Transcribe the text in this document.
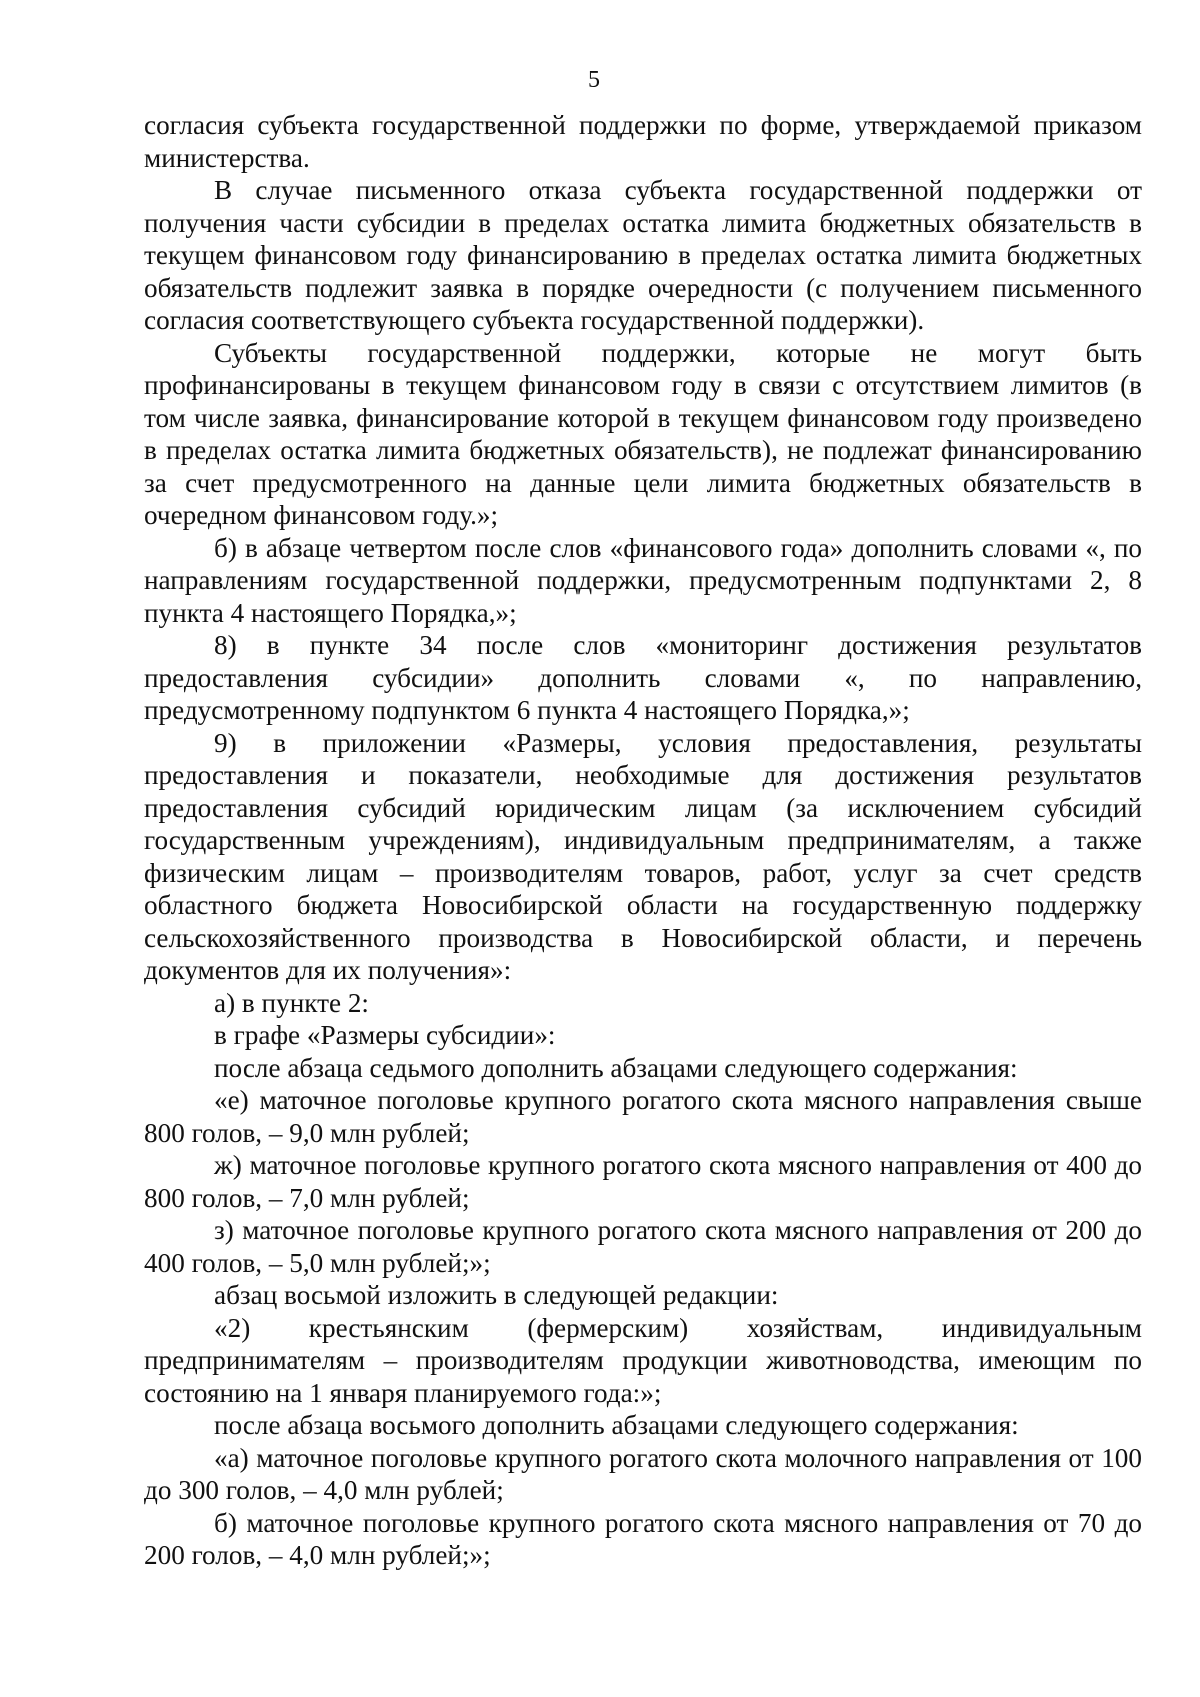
5

согласия субъекта государственной поддержки по форме, утверждаемой приказом министерства.

В случае письменного отказа субъекта государственной поддержки от получения части субсидии в пределах остатка лимита бюджетных обязательств в текущем финансовом году финансированию в пределах остатка лимита бюджетных обязательств подлежит заявка в порядке очередности (с получением письменного согласия соответствующего субъекта государственной поддержки).

Субъекты государственной поддержки, которые не могут быть профинансированы в текущем финансовом году в связи с отсутствием лимитов (в том числе заявка, финансирование которой в текущем финансовом году произведено в пределах остатка лимита бюджетных обязательств), не подлежат финансированию за счет предусмотренного на данные цели лимита бюджетных обязательств в очередном финансовом году.»;

б) в абзаце четвертом после слов «финансового года» дополнить словами «, по направлениям государственной поддержки, предусмотренным подпунктами 2, 8 пункта 4 настоящего Порядка,»;

8) в пункте 34 после слов «мониторинг достижения результатов предоставления субсидии» дополнить словами «, по направлению, предусмотренному подпунктом 6 пункта 4 настоящего Порядка,»;

9) в приложении «Размеры, условия предоставления, результаты предоставления и показатели, необходимые для достижения результатов предоставления субсидий юридическим лицам (за исключением субсидий государственным учреждениям), индивидуальным предпринимателям, а также физическим лицам – производителям товаров, работ, услуг за счет средств областного бюджета Новосибирской области на государственную поддержку сельскохозяйственного производства в Новосибирской области, и перечень документов для их получения»:

а) в пункте 2:

в графе «Размеры субсидии»:

после абзаца седьмого дополнить абзацами следующего содержания:

«е) маточное поголовье крупного рогатого скота мясного направления свыше 800 голов, – 9,0 млн рублей;

ж) маточное поголовье крупного рогатого скота мясного направления от 400 до 800 голов, – 7,0 млн рублей;

з) маточное поголовье крупного рогатого скота мясного направления от 200 до 400 голов, – 5,0 млн рублей;»;

абзац восьмой изложить в следующей редакции:

«2) крестьянским (фермерским) хозяйствам, индивидуальным предпринимателям – производителям продукции животноводства, имеющим по состоянию на 1 января планируемого года:»;

после абзаца восьмого дополнить абзацами следующего содержания:

«а) маточное поголовье крупного рогатого скота молочного направления от 100 до 300 голов, – 4,0 млн рублей;

б) маточное поголовье крупного рогатого скота мясного направления от 70 до 200 голов, – 4,0 млн рублей;»;
